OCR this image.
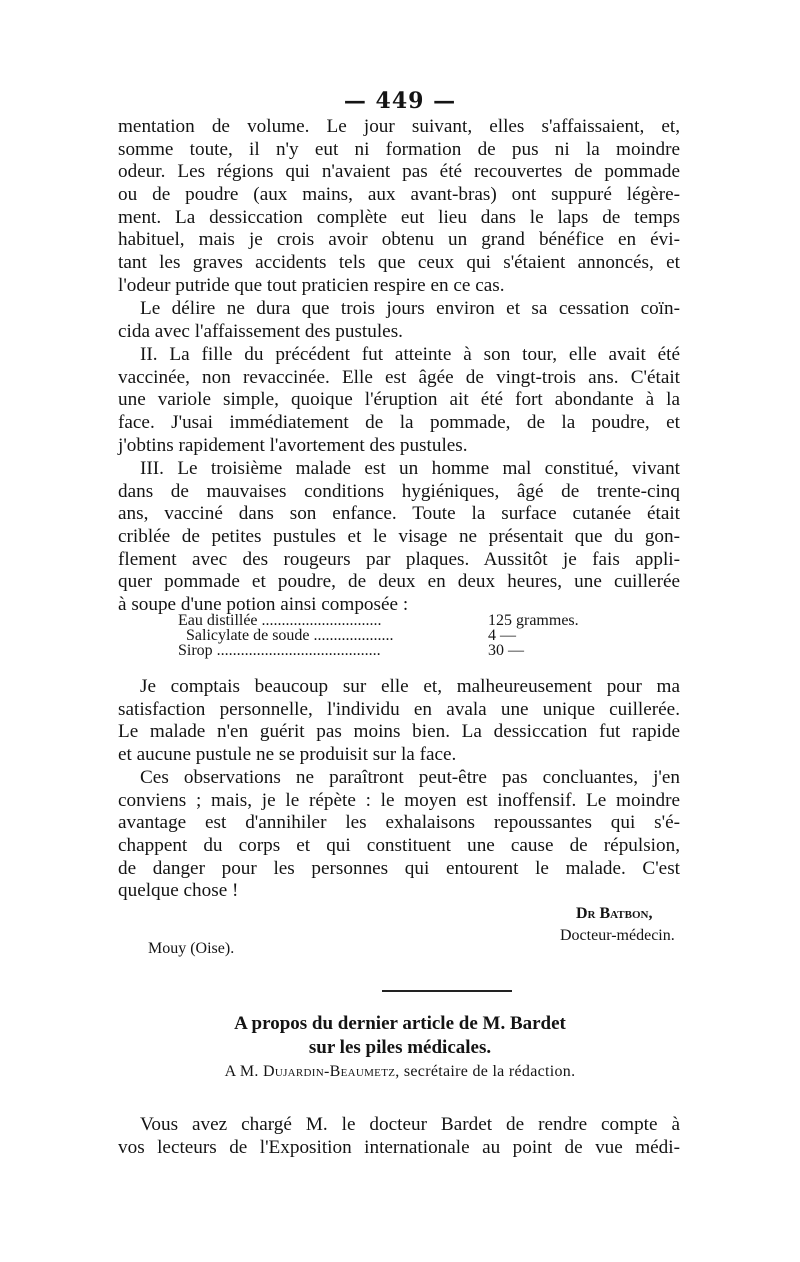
— 449 —
mentation de volume. Le jour suivant, elles s'affaissaient, et,
somme toute, il n'y eut ni formation de pus ni la moindre
odeur. Les régions qui n'avaient pas été recouvertes de pommade
ou de poudre (aux mains, aux avant-bras) ont suppuré légère-
ment. La dessiccation complète eut lieu dans le laps de temps
habituel, mais je crois avoir obtenu un grand bénéfice en évi-
tant les graves accidents tels que ceux qui s'étaient annoncés, et
l'odeur putride que tout praticien respire en ce cas.
Le délire ne dura que trois jours environ et sa cessation coïn-
cida avec l'affaissement des pustules.
II. La fille du précédent fut atteinte à son tour, elle avait été
vaccinée, non revaccinée. Elle est âgée de vingt-trois ans. C'était
une variole simple, quoique l'éruption ait été fort abondante à la
face. J'usai immédiatement de la pommade, de la poudre, et
j'obtins rapidement l'avortement des pustules.
III. Le troisième malade est un homme mal constitué, vivant
dans de mauvaises conditions hygiéniques, âgé de trente-cinq
ans, vacciné dans son enfance. Toute la surface cutanée était
criblée de petites pustules et le visage ne présentait que du gon-
flement avec des rougeurs par plaques. Aussitôt je fais appli-
quer pommade et poudre, de deux en deux heures, une cuillerée
à soupe d'une potion ainsi composée :
Eau distillée ..............................	125 grammes.
Salicylate de soude ....................	4 —
Sirop .........................................	30 —
Je comptais beaucoup sur elle et, malheureusement pour ma
satisfaction personnelle, l'individu en avala une unique cuillerée.
Le malade n'en guérit pas moins bien. La dessiccation fut rapide
et aucune pustule ne se produisit sur la face.
Ces observations ne paraîtront peut-être pas concluantes, j'en
conviens ; mais, je le répète : le moyen est inoffensif. Le moindre
avantage est d'annihiler les exhalaisons repoussantes qui s'é-
chappent du corps et qui constituent une cause de répulsion,
de danger pour les personnes qui entourent le malade. C'est
quelque chose !
Dr Batbon,
Docteur-médecin.
Mouy (Oise).
A propos du dernier article de M. Bardet
sur les piles médicales.
A M. Dujardin-Beaumetz, secrétaire de la rédaction.
Vous avez chargé M. le docteur Bardet de rendre compte à
vos lecteurs de l'Exposition internationale au point de vue médi-
